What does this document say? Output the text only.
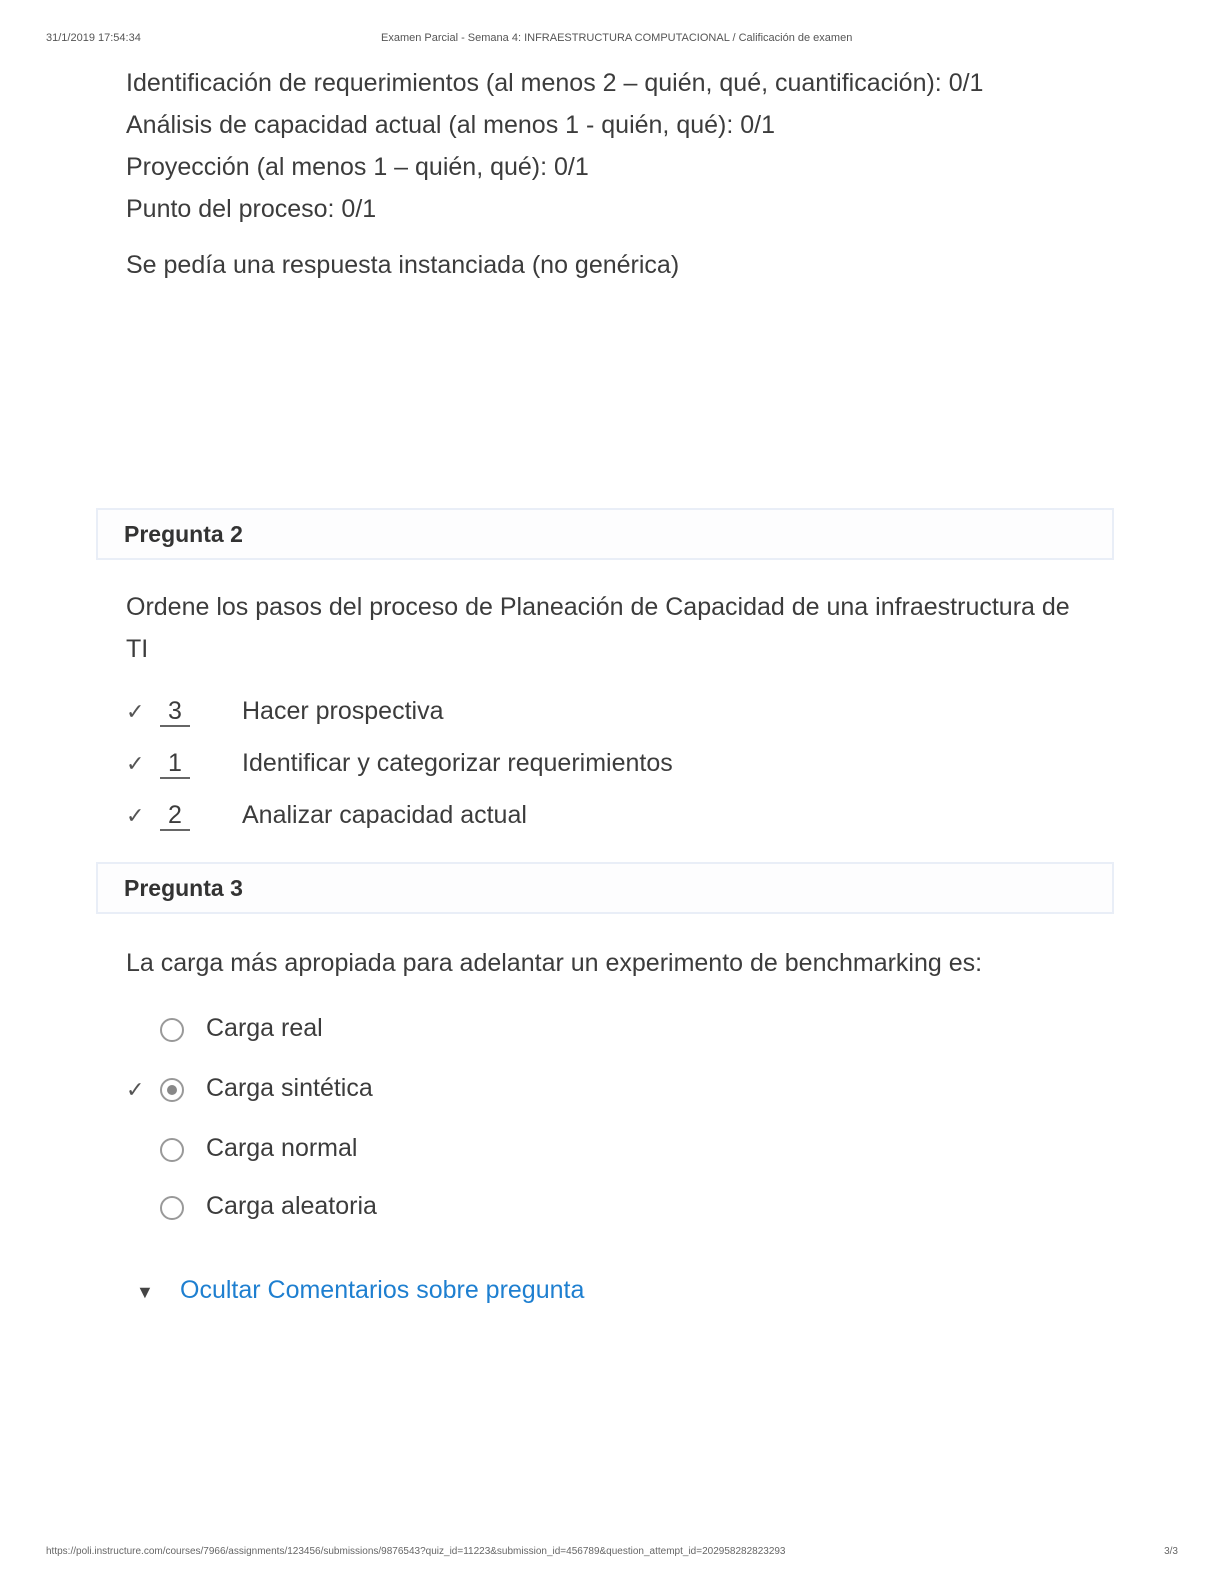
31/1/2019 17:54:34	Examen Parcial - Semana 4: INFRAESTRUCTURA COMPUTACIONAL / Calificación de examen
Identificación de requerimientos (al menos 2 – quién, qué, cuantificación): 0/1
Análisis de capacidad actual (al menos 1 - quién, qué): 0/1
Proyección (al menos 1 – quién, qué): 0/1
Punto del proceso: 0/1
Se pedía una respuesta instanciada (no genérica)
Pregunta 2
Ordene los pasos del proceso de Planeación de Capacidad de una infraestructura de TI
✓ 3 Hacer prospectiva
✓ 1 Identificar y categorizar requerimientos
✓ 2 Analizar capacidad actual
Pregunta 3
La carga más apropiada para adelantar un experimento de benchmarking es:
Carga real
✓	Carga sintética
Carga normal
Carga aleatoria
▼ Ocultar Comentarios sobre pregunta
https://poli.instructure.com/courses/7966/assignments/123456/submissions/9876543?quiz_id=11223&submission_id=456789&question_attempt_id=202958282823293	3/3
